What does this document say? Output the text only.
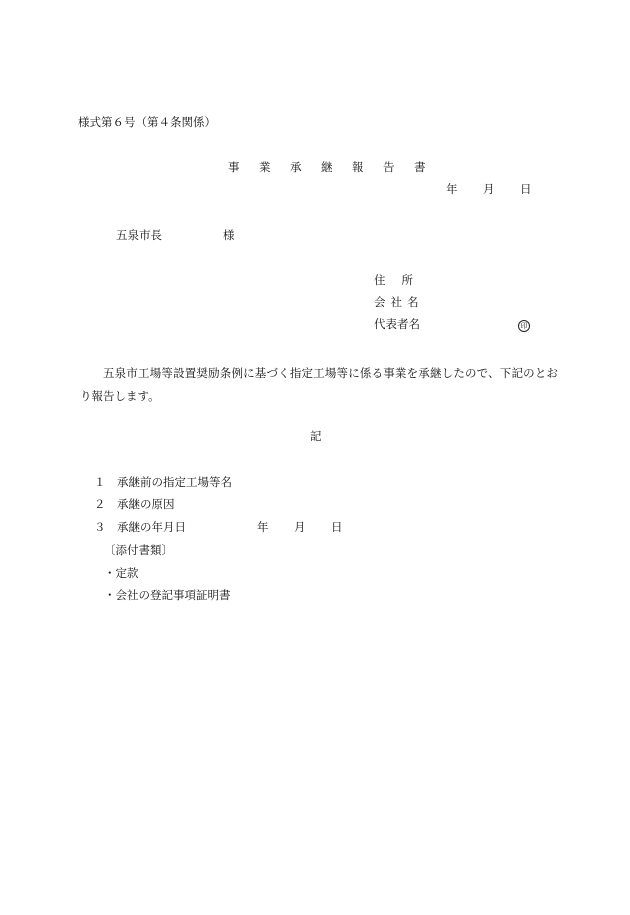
様式第６号（第４条関係）
事	業	承	継	報	告	書
年	月	日
五泉市長	様
住所
会社名
代表者名	印
五泉市工場等設置奨励条例に基づく指定工場等に係る事業を承継したので、下記のとおり報告します。
記
１	承継前の指定工場等名
２	承継の原因
３	承継の年月日	年	月	日
〔添付書類〕
・定款
・会社の登記事項証明書
